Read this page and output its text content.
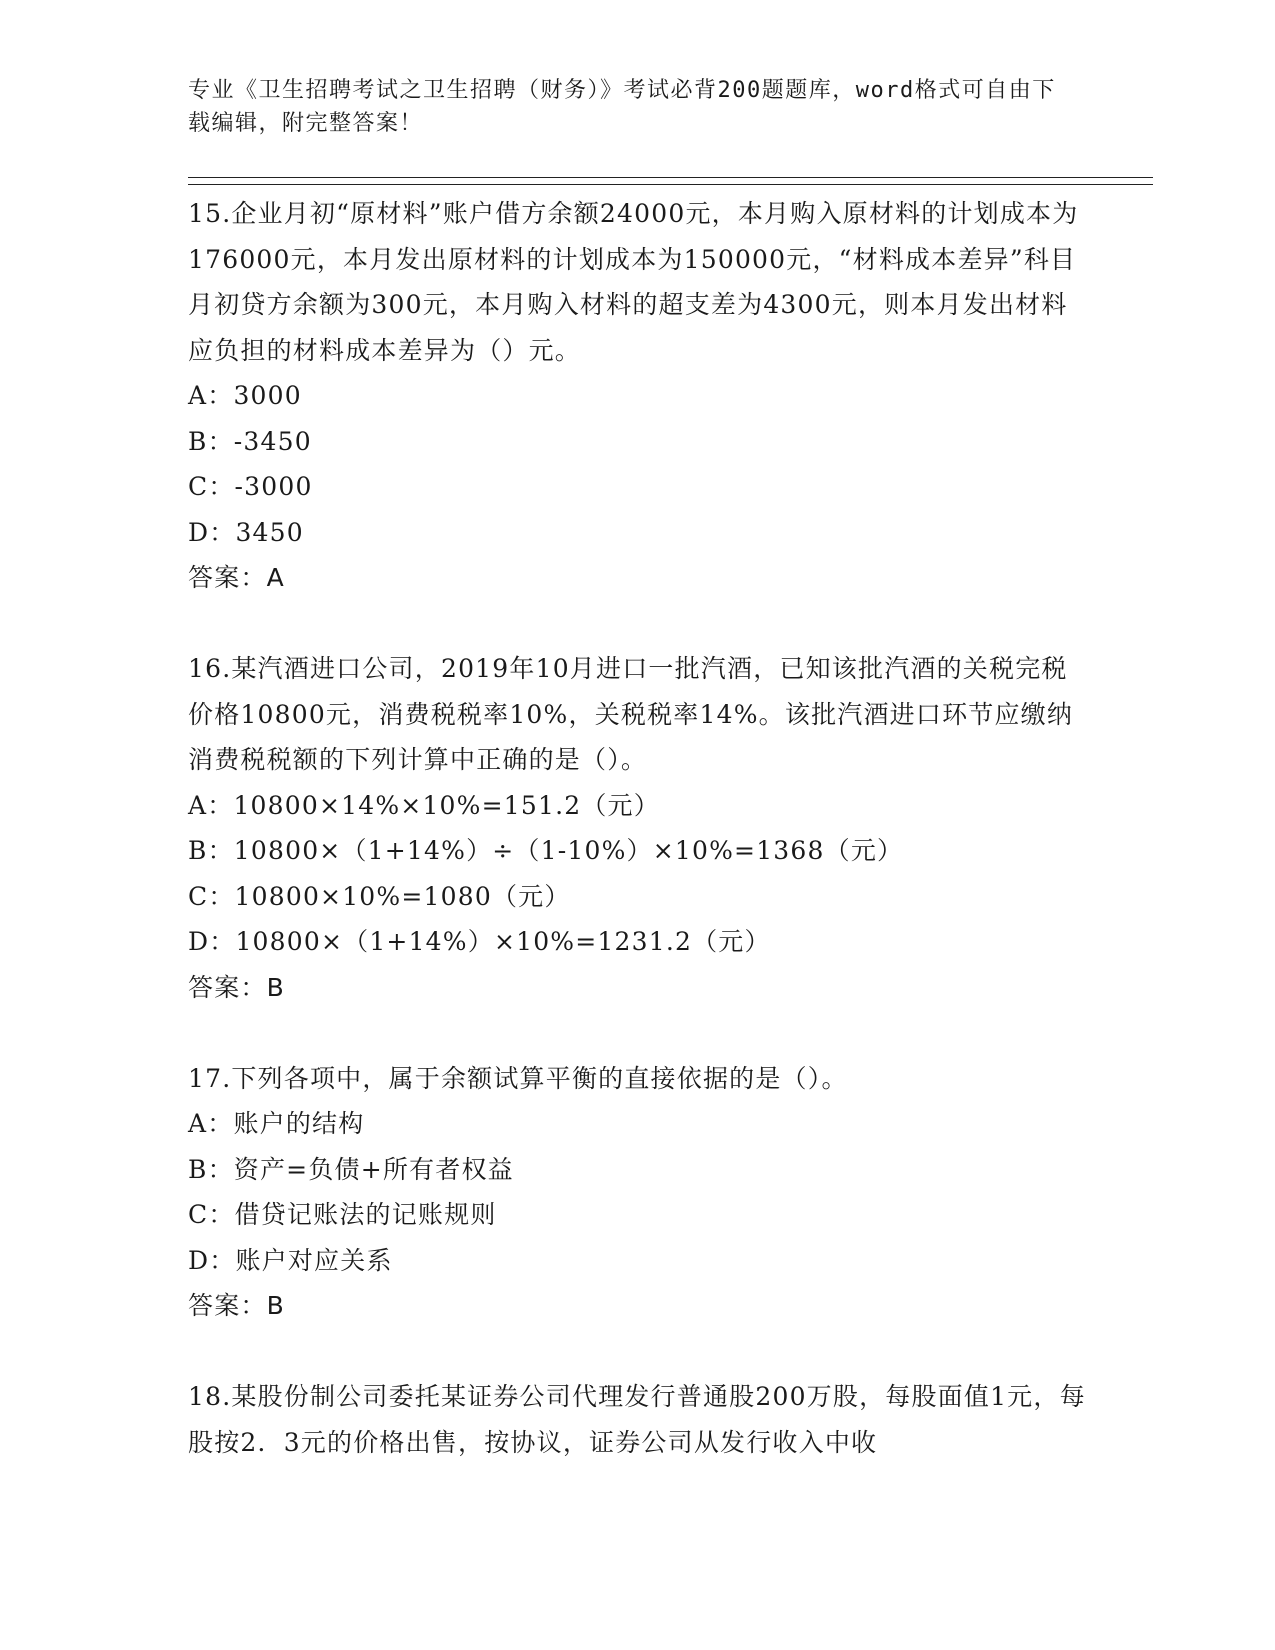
专业《卫生招聘考试之卫生招聘（财务）》考试必背200题题库，word格式可自由下载编辑，附完整答案！
15.企业月初“原材料”账户借方余额24000元，本月购入原材料的计划成本为176000元，本月发出原材料的计划成本为150000元，“材料成本差异”科目月初贷方余额为300元，本月购入材料的超支差为4300元，则本月发出材料应负担的材料成本差异为（）元。
A：3000
B：-3450
C：-3000
D：3450
答案：A
16.某汽酒进口公司，2019年10月进口一批汽酒，已知该批汽酒的关税完税价格10800元，消费税税率10%，关税税率14%。该批汽酒进口环节应缴纳消费税税额的下列计算中正确的是（）。
A：10800×14%×10%=151.2（元）
B：10800×（1+14%）÷（1-10%）×10%=1368（元）
C：10800×10%=1080（元）
D：10800×（1+14%）×10%=1231.2（元）
答案：B
17.下列各项中，属于余额试算平衡的直接依据的是（）。
A：账户的结构
B：资产=负债+所有者权益
C：借贷记账法的记账规则
D：账户对应关系
答案：B
18.某股份制公司委托某证券公司代理发行普通股200万股，每股面值1元，每股按2．3元的价格出售，按协议，证券公司从发行收入中收
